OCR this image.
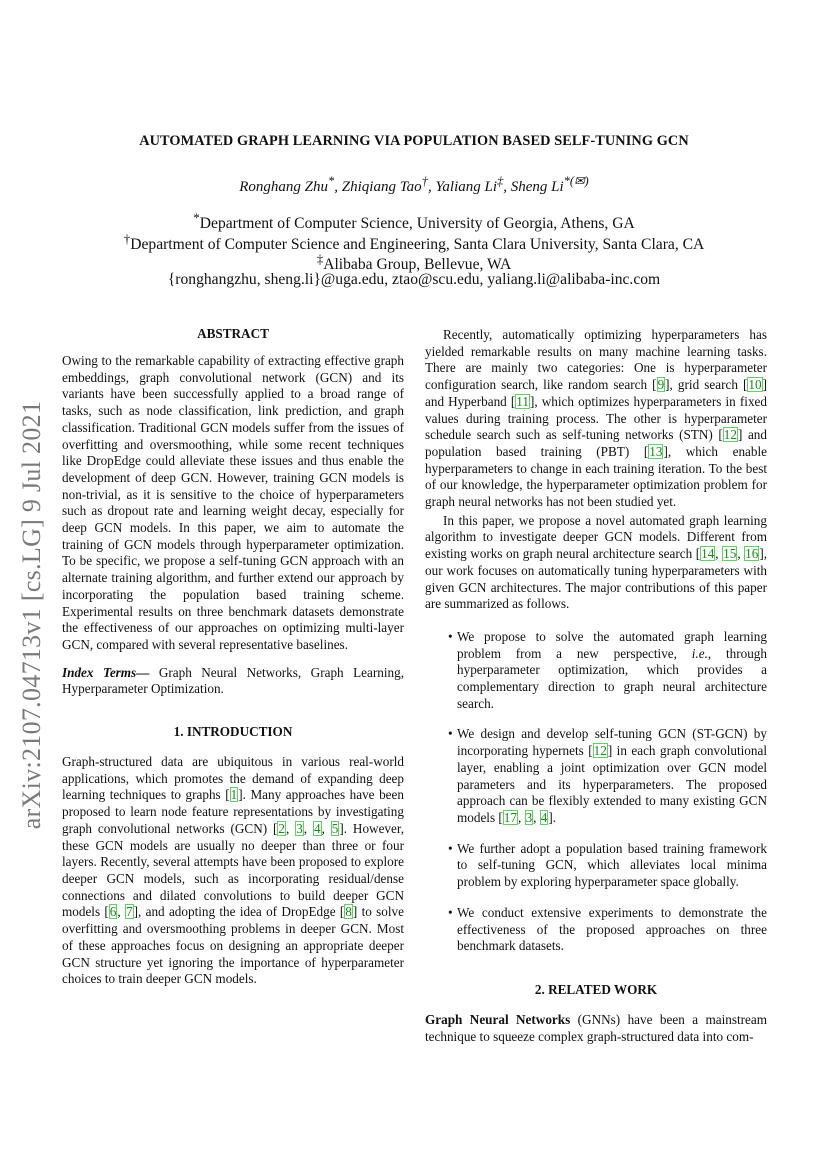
arXiv:2107.04713v1 [cs.LG] 9 Jul 2021
AUTOMATED GRAPH LEARNING VIA POPULATION BASED SELF-TUNING GCN
Ronghang Zhu*, Zhiqiang Tao†, Yaliang Li‡, Sheng Li*(✉)
*Department of Computer Science, University of Georgia, Athens, GA
†Department of Computer Science and Engineering, Santa Clara University, Santa Clara, CA
‡Alibaba Group, Bellevue, WA
{ronghangzhu, sheng.li}@uga.edu, ztao@scu.edu, yaliang.li@alibaba-inc.com
ABSTRACT

Owing to the remarkable capability of extracting effective graph embeddings, graph convolutional network (GCN) and its variants have been successfully applied to a broad range of tasks, such as node classification, link prediction, and graph classification. Traditional GCN models suffer from the issues of overfitting and oversmoothing, while some recent techniques like DropEdge could alleviate these issues and thus enable the development of deep GCN. However, training GCN models is non-trivial, as it is sensitive to the choice of hyperparameters such as dropout rate and learning weight decay, especially for deep GCN models. In this paper, we aim to automate the training of GCN models through hyperparameter optimization. To be specific, we propose a self-tuning GCN approach with an alternate training algorithm, and further extend our approach by incorporating the population based training scheme. Experimental results on three benchmark datasets demonstrate the effectiveness of our approaches on optimizing multi-layer GCN, compared with several representative baselines.

Index Terms— Graph Neural Networks, Graph Learning, Hyperparameter Optimization.

1. INTRODUCTION

Graph-structured data are ubiquitous in various real-world applications, which promotes the demand of expanding deep learning techniques to graphs [1]. Many approaches have been proposed to learn node feature representations by investigating graph convolutional networks (GCN) [2, 3, 4, 5]. However, these GCN models are usually no deeper than three or four layers. Recently, several attempts have been proposed to explore deeper GCN models, such as incorporating residual/dense connections and dilated convolutions to build deeper GCN models [6, 7], and adopting the idea of DropEdge [8] to solve overfitting and oversmoothing problems in deeper GCN. Most of these approaches focus on designing an appropriate deeper GCN structure yet ignoring the importance of hyperparameter choices to train deeper GCN models.

Recently, automatically optimizing hyperparameters has yielded remarkable results on many machine learning tasks. There are mainly two categories: One is hyperparameter configuration search, like random search [9], grid search [10] and Hyperband [11], which optimizes hyperparameters in fixed values during training process. The other is hyperparameter schedule search such as self-tuning networks (STN) [12] and population based training (PBT) [13], which enable hyperparameters to change in each training iteration. To the best of our knowledge, the hyperparameter optimization problem for graph neural networks has not been studied yet.

In this paper, we propose a novel automated graph learning algorithm to investigate deeper GCN models. Different from existing works on graph neural architecture search [14, 15, 16], our work focuses on automatically tuning hyperparameters with given GCN architectures. The major contributions of this paper are summarized as follows.

• We propose to solve the automated graph learning problem from a new perspective, i.e., through hyperparameter optimization, which provides a complementary direction to graph neural architecture search.
• We design and develop self-tuning GCN (ST-GCN) by incorporating hypernets [12] in each graph convolutional layer, enabling a joint optimization over GCN model parameters and its hyperparameters. The proposed approach can be flexibly extended to many existing GCN models [17, 3, 4].
• We further adopt a population based training framework to self-tuning GCN, which alleviates local minima problem by exploring hyperparameter space globally.
• We conduct extensive experiments to demonstrate the effectiveness of the proposed approaches on three benchmark datasets.
2. RELATED WORK

Graph Neural Networks (GNNs) have been a mainstream technique to squeeze complex graph-structured data into com-
